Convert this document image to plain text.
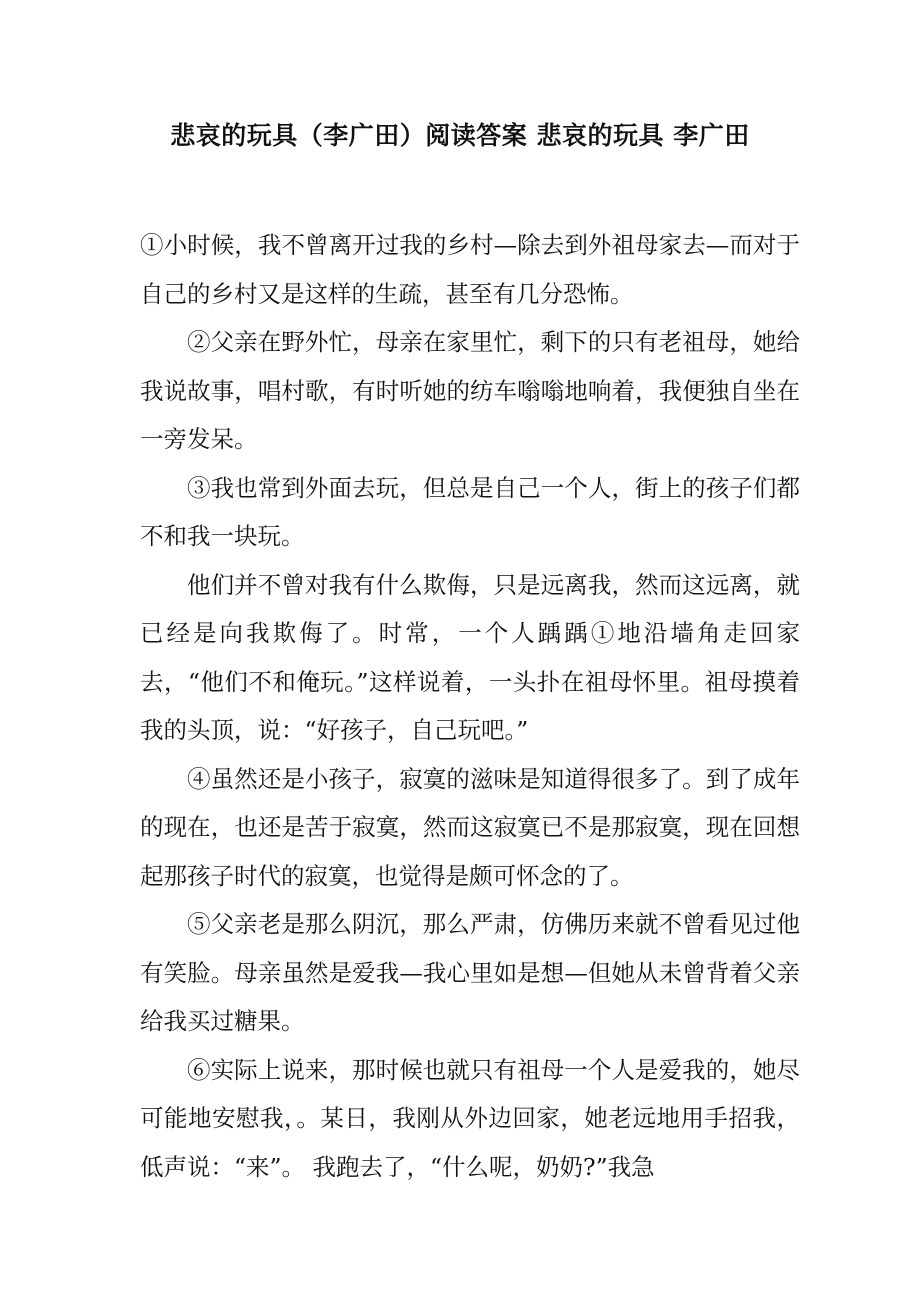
悲哀的玩具（李广田）阅读答案 悲哀的玩具 李广田

①小时候，我不曾离开过我的乡村—除去到外祖母家去—而对于自己的乡村又是这样的生疏，甚至有几分恐怖。

②父亲在野外忙，母亲在家里忙，剩下的只有老祖母，她给我说故事，唱村歌，有时听她的纺车嗡嗡地响着，我便独自坐在一旁发呆。

③我也常到外面去玩，但总是自己一个人，街上的孩子们都不和我一块玩。

他们并不曾对我有什么欺侮，只是远离我，然而这远离，就已经是向我欺侮了。时常，一个人踽踽①地沿墙角走回家去，“他们不和俺玩。”这样说着，一头扑在祖母怀里。祖母摸着我的头顶，说：“好孩子，自己玩吧。”

④虽然还是小孩子，寂寞的滋味是知道得很多了。到了成年的现在，也还是苦于寂寞，然而这寂寞已不是那寂寞，现在回想起那孩子时代的寂寞，也觉得是颇可怀念的了。

⑤父亲老是那么阴沉，那么严肃，仿佛历来就不曾看见过他有笑脸。母亲虽然是爱我—我心里如是想—但她从未曾背着父亲给我买过糖果。

⑥实际上说来，那时候也就只有祖母一个人是爱我的，她尽可能地安慰我，。某日，我刚从外边回家，她老远地用手招我，低声说：“来”。 我跑去了，“什么呢，奶奶?”我急
